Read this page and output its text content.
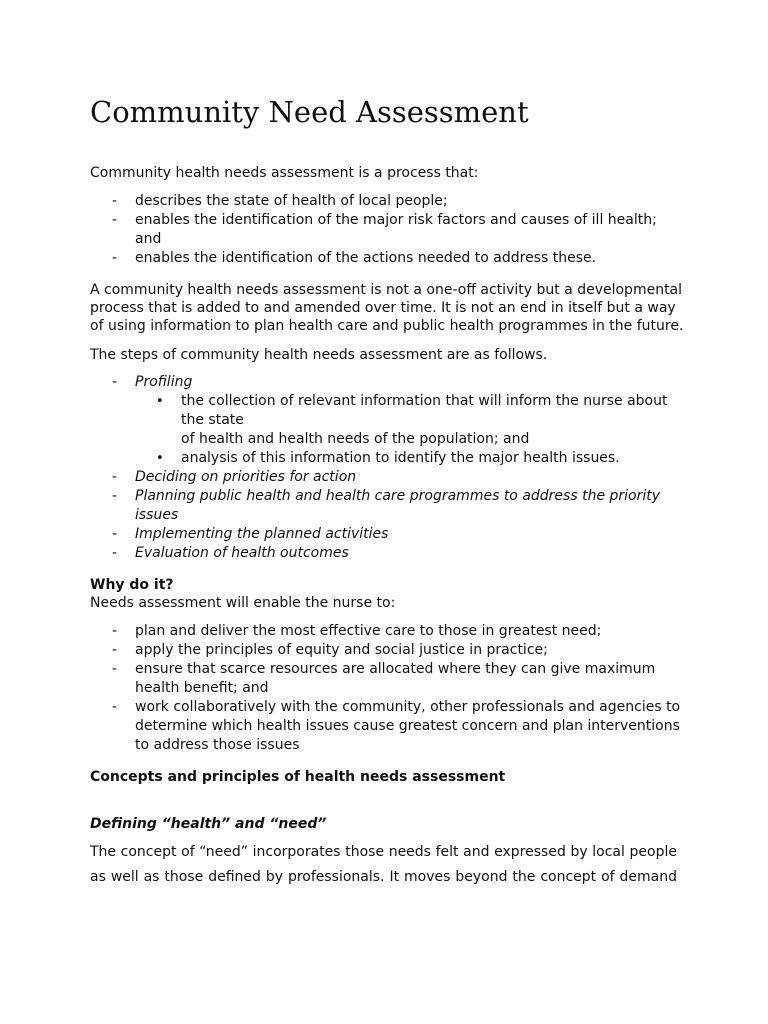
Community Need Assessment

Community health needs assessment is a process that:

- describes the state of health of local people;

- enables the identification of the major risk factors and causes of ill health;

and

- enables the identification of the actions needed to address these.

A community health needs assessment is not a one-off activity but a developmental

process that is added to and amended over time. It is not an end in itself but a way

of using information to plan health care and public health programmes in the future.

The steps of community health needs assessment are as follows.

- Profiling

• the collection of relevant information that will inform the nurse about

the state

of health and health needs of the population; and

• analysis of this information to identify the major health issues.

- Deciding on priorities for action

- Planning public health and health care programmes to address the priority

issues

- Implementing the planned activities

- Evaluation of health outcomes

Why do it?

Needs assessment will enable the nurse to:

- plan and deliver the most effective care to those in greatest need;

- apply the principles of equity and social justice in practice;

- ensure that scarce resources are allocated where they can give maximum

health benefit; and

- work collaboratively with the community, other professionals and agencies to

determine which health issues cause greatest concern and plan interventions

to address those issues

Concepts and principles of health needs assessment

Defining “health” and “need”

The concept of “need” incorporates those needs felt and expressed by local people

as well as those defined by professionals. It moves beyond the concept of demand
